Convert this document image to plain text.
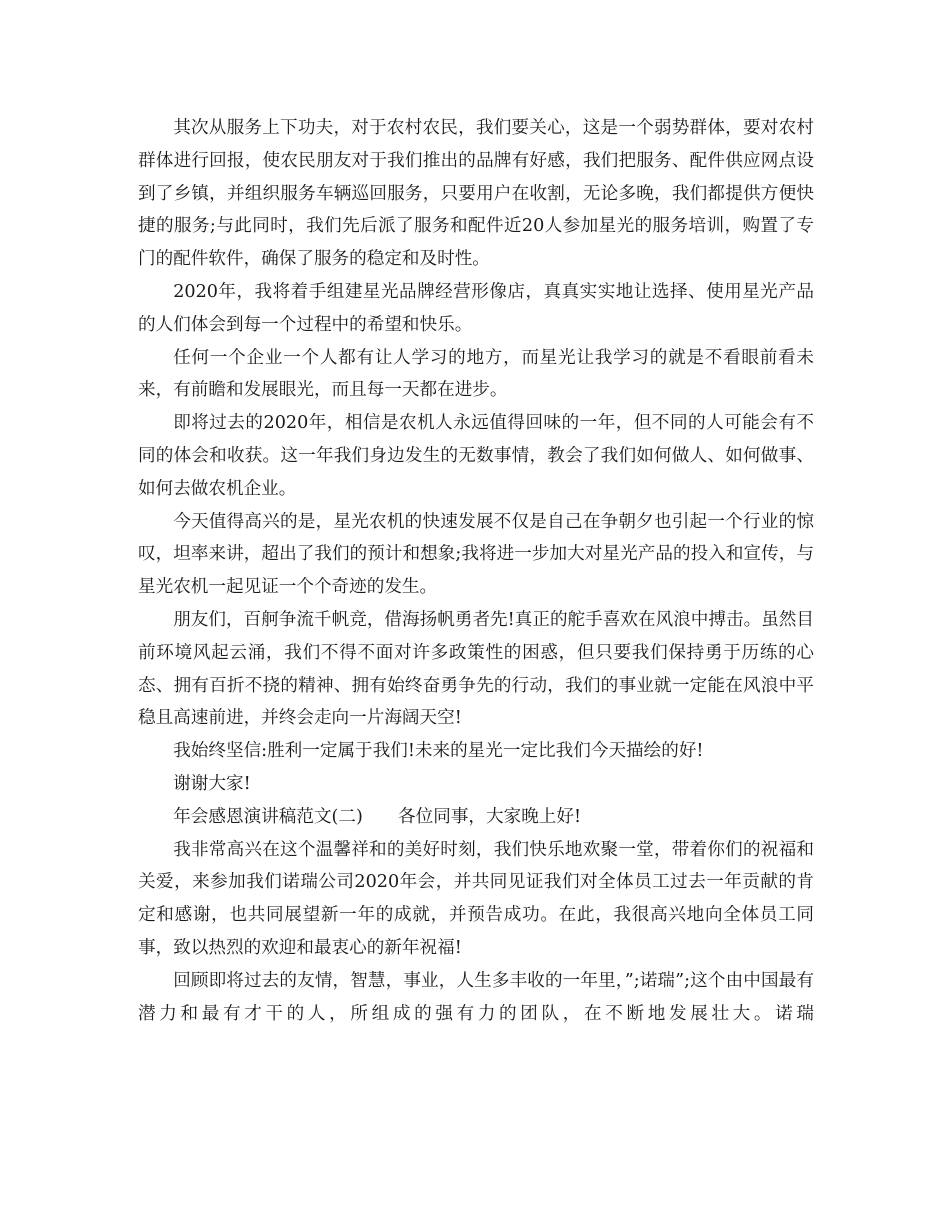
其次从服务上下功夫，对于农村农民，我们要关心，这是一个弱势群体，要对农村群体进行回报，使农民朋友对于我们推出的品牌有好感，我们把服务、配件供应网点设到了乡镇，并组织服务车辆巡回服务，只要用户在收割，无论多晚，我们都提供方便快捷的服务;与此同时，我们先后派了服务和配件近20人参加星光的服务培训，购置了专门的配件软件，确保了服务的稳定和及时性。

2020年，我将着手组建星光品牌经营形像店，真真实实地让选择、使用星光产品的人们体会到每一个过程中的希望和快乐。

任何一个企业一个人都有让人学习的地方，而星光让我学习的就是不看眼前看未来，有前瞻和发展眼光，而且每一天都在进步。

即将过去的2020年，相信是农机人永远值得回味的一年，但不同的人可能会有不同的体会和收获。这一年我们身边发生的无数事情，教会了我们如何做人、如何做事、如何去做农机企业。

今天值得高兴的是，星光农机的快速发展不仅是自己在争朝夕也引起一个行业的惊叹，坦率来讲，超出了我们的预计和想象;我将进一步加大对星光产品的投入和宣传，与星光农机一起见证一个个奇迹的发生。

朋友们，百舸争流千帆竞，借海扬帆勇者先!真正的舵手喜欢在风浪中搏击。虽然目前环境风起云涌，我们不得不面对许多政策性的困惑，但只要我们保持勇于历练的心态、拥有百折不挠的精神、拥有始终奋勇争先的行动，我们的事业就一定能在风浪中平稳且高速前进，并终会走向一片海阔天空!

我始终坚信:胜利一定属于我们!未来的星光一定比我们今天描绘的好!

谢谢大家!

年会感恩演讲稿范文(二)　　各位同事，大家晚上好!

我非常高兴在这个温馨祥和的美好时刻，我们快乐地欢聚一堂，带着你们的祝福和关爱，来参加我们诺瑞公司2020年会，并共同见证我们对全体员工过去一年贡献的肯定和感谢，也共同展望新一年的成就，并预告成功。在此，我很高兴地向全体员工同事，致以热烈的欢迎和最衷心的新年祝福!

回顾即将过去的友情，智慧，事业，人生多丰收的一年里，”;诺瑞”;这个由中国最有潜力和最有才干的人，所组成的强有力的团队，在不断地发展壮大。诺瑞
